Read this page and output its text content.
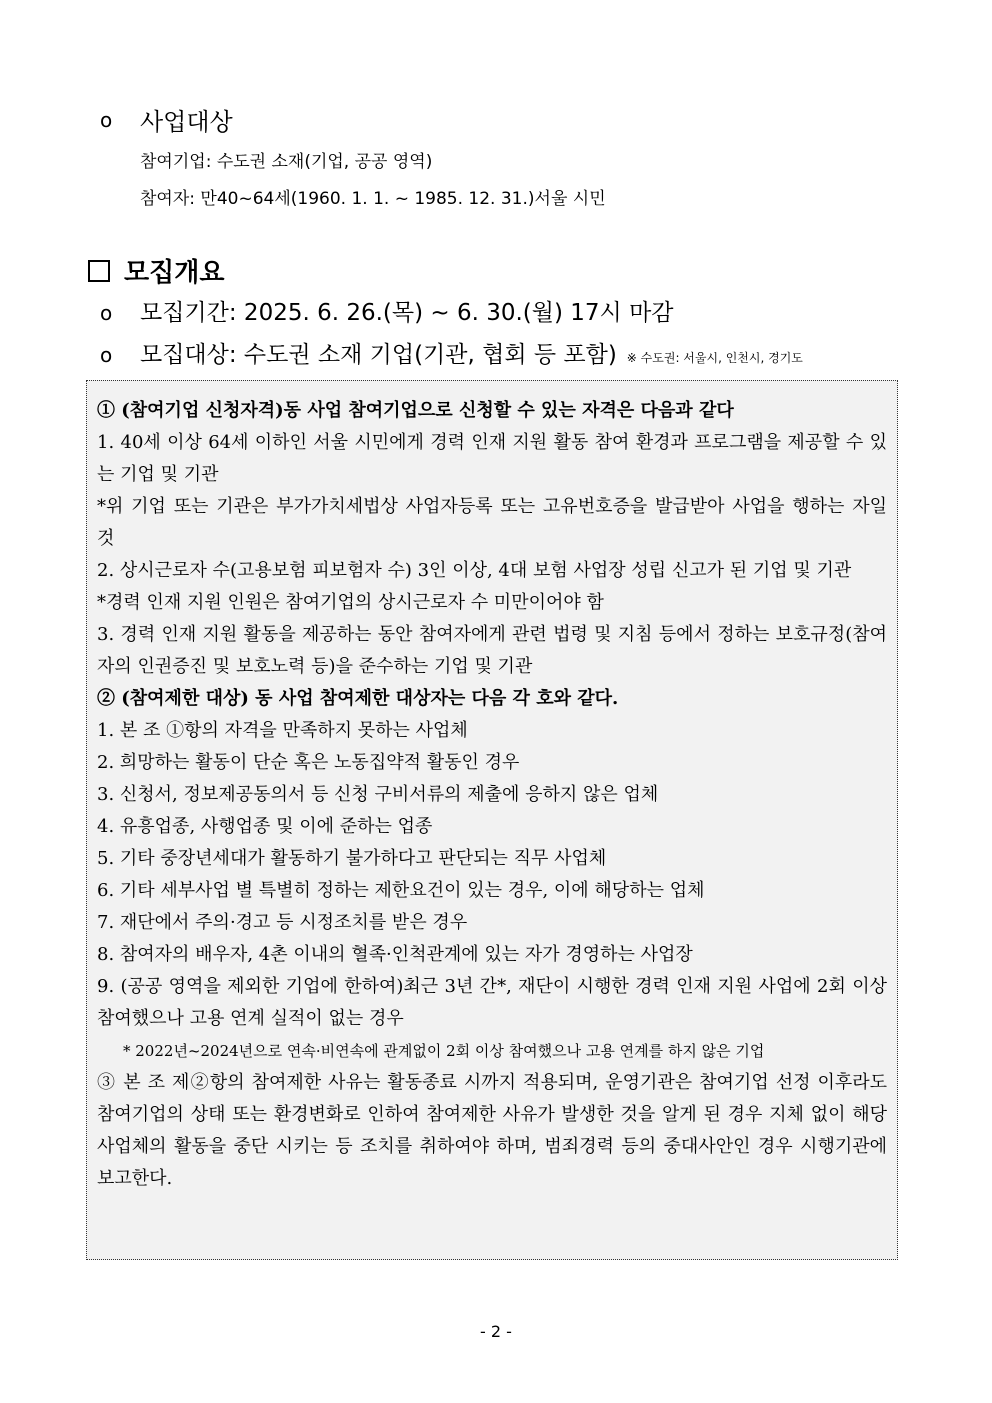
o	사업대상
참여기업: 수도권 소재(기업, 공공 영역)
참여자: 만40~64세(1960. 1. 1. ~ 1985. 12. 31.)서울 시민
모집개요
o 모집기간: 2025. 6. 26.(목) ~ 6. 30.(월) 17시 마감
o 모집대상: 수도권 소재 기업(기관, 협회 등 포함) ※ 수도권: 서울시, 인천시, 경기도
① (참여기업 신청자격)동 사업 참여기업으로 신청할 수 있는 자격은 다음과 같다
1. 40세 이상 64세 이하인 서울 시민에게 경력 인재 지원 활동 참여 환경과 프로그램을 제공할 수 있는 기업 및 기관
*위 기업 또는 기관은 부가가치세법상 사업자등록 또는 고유번호증을 발급받아 사업을 행하는 자일 것
2. 상시근로자 수(고용보험 피보험자 수) 3인 이상, 4대 보험 사업장 성립 신고가 된 기업 및 기관
*경력 인재 지원 인원은 참여기업의 상시근로자 수 미만이어야 함
3. 경력 인재 지원 활동을 제공하는 동안 참여자에게 관련 법령 및 지침 등에서 정하는 보호규정(참여자의 인권증진 및 보호노력 등)을 준수하는 기업 및 기관
② (참여제한 대상) 동 사업 참여제한 대상자는 다음 각 호와 같다.
1. 본 조 ①항의 자격을 만족하지 못하는 사업체
2. 희망하는 활동이 단순 혹은 노동집약적 활동인 경우
3. 신청서, 정보제공동의서 등 신청 구비서류의 제출에 응하지 않은 업체
4. 유흥업종, 사행업종 및 이에 준하는 업종
5. 기타 중장년세대가 활동하기 불가하다고 판단되는 직무 사업체
6. 기타 세부사업 별 특별히 정하는 제한요건이 있는 경우, 이에 해당하는 업체
7. 재단에서 주의·경고 등 시정조치를 받은 경우
8. 참여자의 배우자, 4촌 이내의 혈족·인척관계에 있는 자가 경영하는 사업장
9. (공공 영역을 제외한 기업에 한하여)최근 3년 간*, 재단이 시행한 경력 인재 지원 사업에 2회 이상 참여했으나 고용 연계 실적이 없는 경우
* 2022년~2024년으로 연속·비연속에 관계없이 2회 이상 참여했으나 고용 연계를 하지 않은 기업
③ 본 조 제②항의 참여제한 사유는 활동종료 시까지 적용되며, 운영기관은 참여기업 선정 이후라도 참여기업의 상태 또는 환경변화로 인하여 참여제한 사유가 발생한 것을 알게 된 경우 지체 없이 해당 사업체의 활동을 중단 시키는 등 조치를 취하여야 하며, 범죄경력 등의 중대사안인 경우 시행기관에 보고한다.
- 2 -
